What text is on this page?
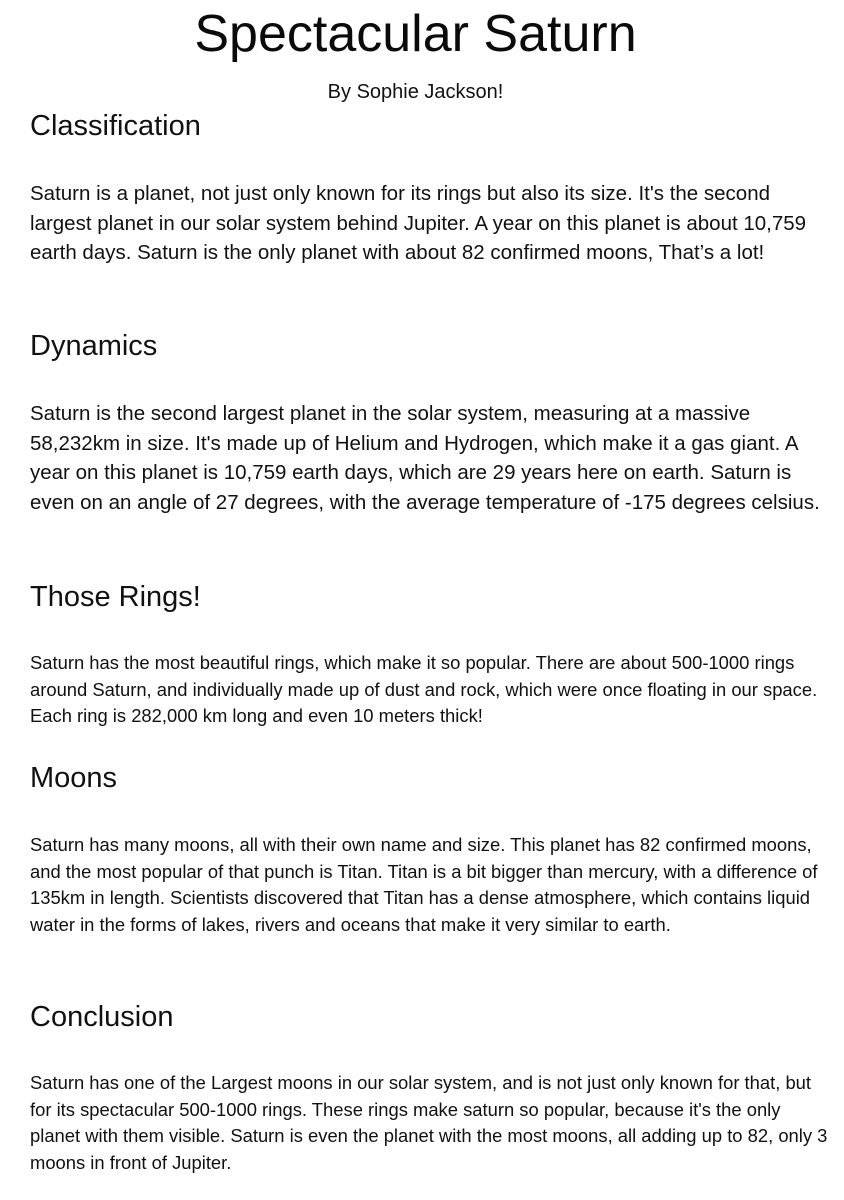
Spectacular Saturn

By Sophie Jackson!

Classification

Saturn is a planet, not just only known for its rings but also its size. It's the second largest planet in our solar system behind Jupiter. A year on this planet is about 10,759 earth days. Saturn is the only planet with about 82 confirmed moons, That’s a lot!

Dynamics

Saturn is the second largest planet in the solar system, measuring at a massive 58,232km in size. It's made up of Helium and Hydrogen, which make it a gas giant. A year on this planet is 10,759 earth days, which are 29 years here on earth. Saturn is even on an angle of 27 degrees, with the average temperature of -175 degrees celsius.

Those Rings!

Saturn has the most beautiful rings, which make it so popular. There are about 500-1000 rings around Saturn, and individually made up of dust and rock, which were once floating in our space. Each ring is 282,000 km long and even 10 meters thick!

Moons

Saturn has many moons, all with their own name and size. This planet has 82 confirmed moons, and the most popular of that punch is Titan. Titan is a bit bigger than mercury, with a difference of 135km in length. Scientists discovered that Titan has a dense atmosphere, which contains liquid water in the forms of lakes, rivers and oceans that make it very similar to earth.

Conclusion

Saturn has one of the Largest moons in our solar system, and is not just only known for that, but for its spectacular 500-1000 rings. These rings make saturn so popular, because it's the only planet with them visible. Saturn is even the planet with the most moons, all adding up to 82, only 3 moons in front of Jupiter.
